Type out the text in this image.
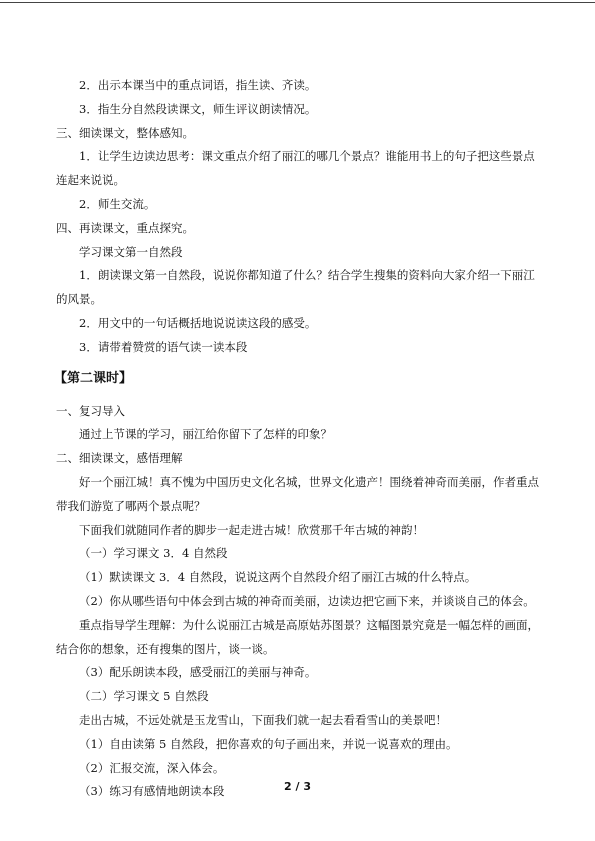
2．出示本课当中的重点词语，指生读、齐读。
3．指生分自然段读课文，师生评议朗读情况。
三、细读课文，整体感知。
1．让学生边读边思考：课文重点介绍了丽江的哪几个景点？谁能用书上的句子把这些景点连起来说说。
2．师生交流。
四、再读课文，重点探究。
学习课文第一自然段
1．朗读课文第一自然段，说说你都知道了什么？结合学生搜集的资料向大家介绍一下丽江的风景。
2．用文中的一句话概括地说说读这段的感受。
3．请带着赞赏的语气读一读本段
【第二课时】
一、复习导入
通过上节课的学习，丽江给你留下了怎样的印象？
二、细读课文，感悟理解
好一个丽江城！真不愧为中国历史文化名城，世界文化遗产！围绕着神奇而美丽，作者重点带我们游览了哪两个景点呢？
下面我们就随同作者的脚步一起走进古城！欣赏那千年古城的神韵！
（一）学习课文 3．4 自然段
（1）默读课文 3．4 自然段，说说这两个自然段介绍了丽江古城的什么特点。
（2）你从哪些语句中体会到古城的神奇而美丽，边读边把它画下来，并谈谈自己的体会。
重点指导学生理解：为什么说丽江古城是高原姑苏图景？这幅图景究竟是一幅怎样的画面，结合你的想象，还有搜集的图片，谈一谈。
（3）配乐朗读本段，感受丽江的美丽与神奇。
（二）学习课文 5 自然段
走出古城，不远处就是玉龙雪山，下面我们就一起去看看雪山的美景吧！
（1）自由读第 5 自然段，把你喜欢的句子画出来，并说一说喜欢的理由。
（2）汇报交流，深入体会。
（3）练习有感情地朗读本段	2 / 3
